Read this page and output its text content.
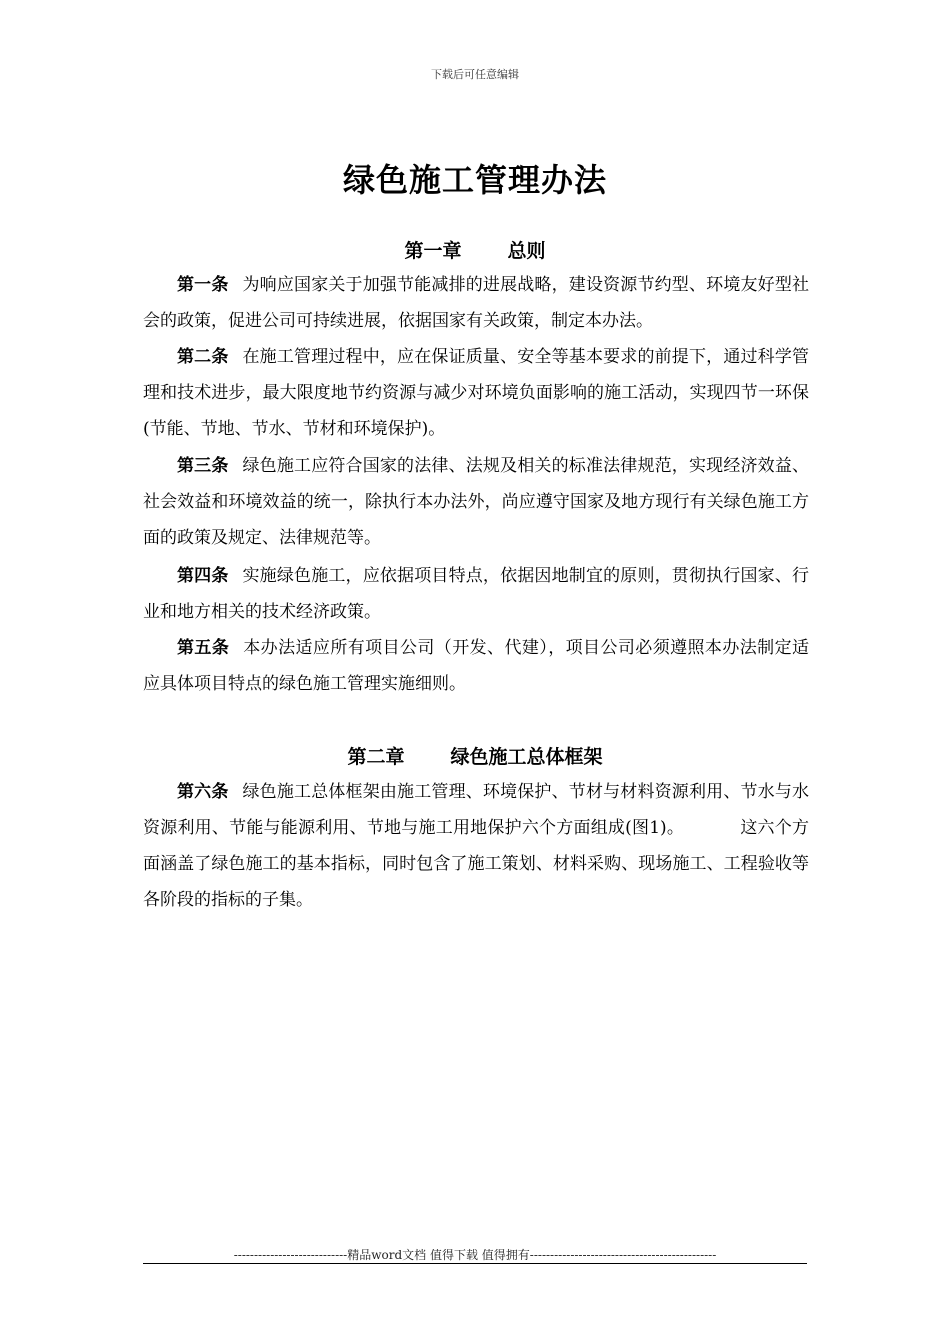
下载后可任意编辑
绿色施工管理办法
第一章 总则
第一条 为响应国家关于加强节能减排的进展战略，建设资源节约型、环境友好型社会的政策，促进公司可持续进展，依据国家有关政策，制定本办法。
第二条 在施工管理过程中，应在保证质量、安全等基本要求的前提下，通过科学管理和技术进步，最大限度地节约资源与减少对环境负面影响的施工活动，实现四节一环保(节能、节地、节水、节材和环境保护)。
第三条 绿色施工应符合国家的法律、法规及相关的标准法律规范，实现经济效益、社会效益和环境效益的统一，除执行本办法外，尚应遵守国家及地方现行有关绿色施工方面的政策及规定、法律规范等。
第四条 实施绿色施工，应依据项目特点，依据因地制宜的原则，贯彻执行国家、行业和地方相关的技术经济政策。
第五条 本办法适应所有项目公司（开发、代建），项目公司必须遵照本办法制定适应具体项目特点的绿色施工管理实施细则。
第二章 绿色施工总体框架
第六条 绿色施工总体框架由施工管理、环境保护、节材与材料资源利用、节水与水资源利用、节能与能源利用、节地与施工用地保护六个方面组成(图1)。	这六个方面涵盖了绿色施工的基本指标，同时包含了施工策划、材料采购、现场施工、工程验收等各阶段的指标的子集。
----------------------------精品word文档 值得下载 值得拥有----------------------------------------------
